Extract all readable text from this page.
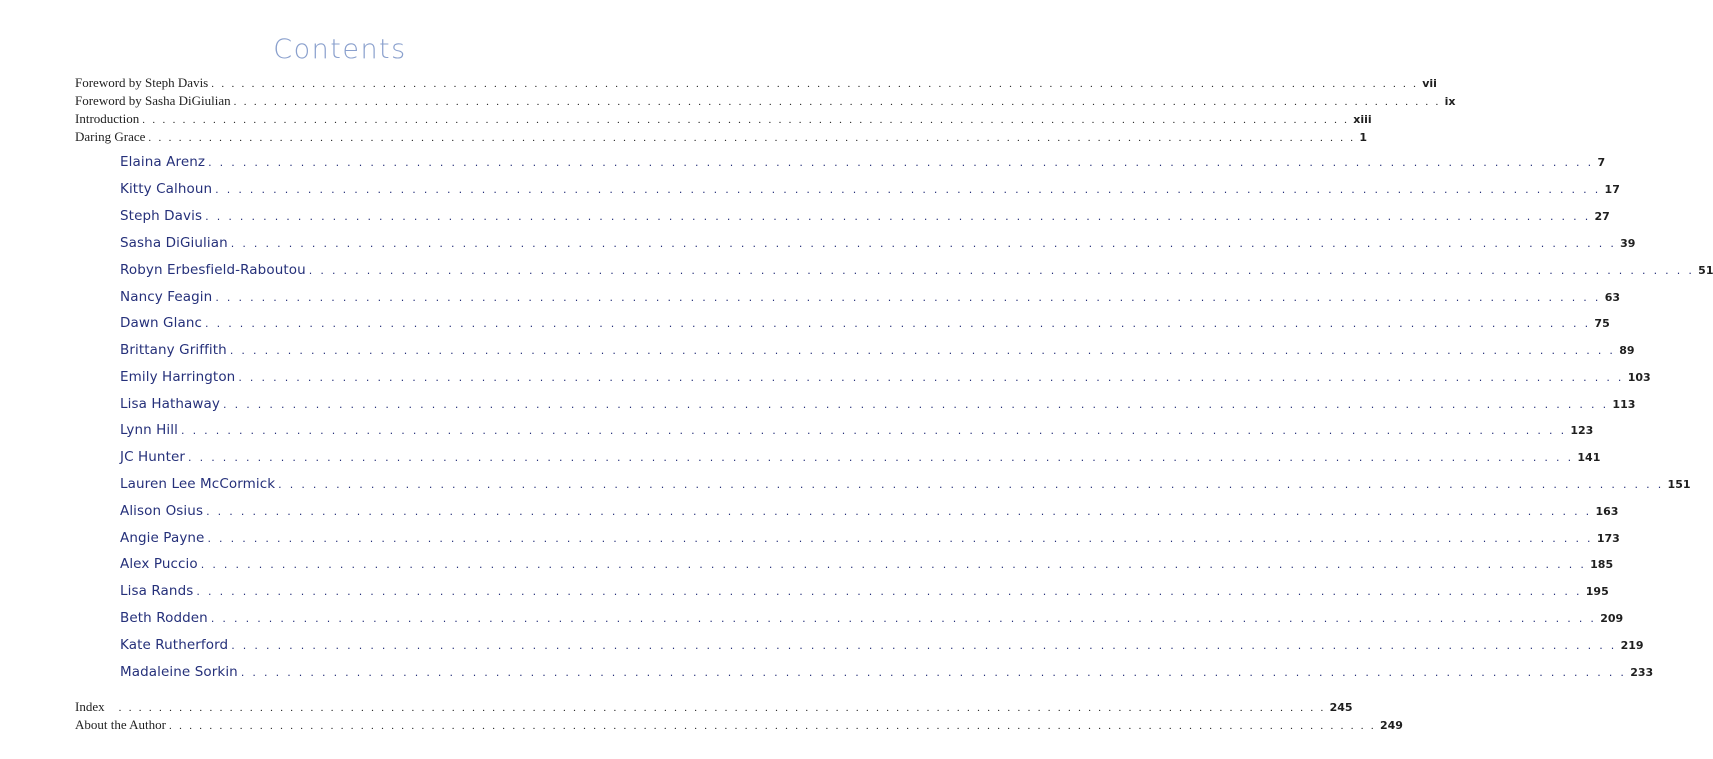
Contents
Foreword by Steph Davis . . . . . . . . . . . . . . . . . . . . . . . . . . . . . . . . . . . . . . . . . . . . . . . . . . . . . . . . . . . . . . . . . . . . . . . . . . . . . . . . . . . . . . . . . . . . . . . . . . . . . . . . . . . . . . . . . . . . . . . . vii
Foreword by Sasha DiGiulian . . . . . . . . . . . . . . . . . . . . . . . . . . . . . . . . . . . . . . . . . . . . . . . . . . . . . . . . . . . . . . . . . . . . . . . . . . . . . . . . . . . . . . . . . . . . . . . . . . . . . . . . . . . . . . . . . . . . . . . . ix
Introduction . . . . . . . . . . . . . . . . . . . . . . . . . . . . . . . . . . . . . . . . . . . . . . . . . . . . . . . . . . . . . . . . . . . . . . . . . . . . . . . . . . . . . . . . . . . . . . . . . . . . . . . . . . . . . . . . . . . . . . . . xiii
Daring Grace . . . . . . . . . . . . . . . . . . . . . . . . . . . . . . . . . . . . . . . . . . . . . . . . . . . . . . . . . . . . . . . . . . . . . . . . . . . . . . . . . . . . . . . . . . . . . . . . . . . . . . . . . . . . . . . . . . . . . . . . 1
Elaina Arenz . . . . . . . . . . . . . . . . . . . . . . . . . . . . . . . . . . . . . . . . . . . . . . . . . . . . . . . . . . . . . . . . . . . . . . . . . . . . . . . . . . . . . . . . . . . . . . . . . . . . . . . . . . . . . . . . . . . . . . . . 7
Kitty Calhoun . . . . . . . . . . . . . . . . . . . . . . . . . . . . . . . . . . . . . . . . . . . . . . . . . . . . . . . . . . . . . . . . . . . . . . . . . . . . . . . . . . . . . . . . . . . . . . . . . . . . . . . . . . . . . . . . . . . . . . . . 17
Steph Davis . . . . . . . . . . . . . . . . . . . . . . . . . . . . . . . . . . . . . . . . . . . . . . . . . . . . . . . . . . . . . . . . . . . . . . . . . . . . . . . . . . . . . . . . . . . . . . . . . . . . . . . . . . . . . . . . . . . . . . . . 27
Sasha DiGiulian . . . . . . . . . . . . . . . . . . . . . . . . . . . . . . . . . . . . . . . . . . . . . . . . . . . . . . . . . . . . . . . . . . . . . . . . . . . . . . . . . . . . . . . . . . . . . . . . . . . . . . . . . . . . . . . . . . . . . . . . 39
Robyn Erbesfield-Raboutou . . . . . . . . . . . . . . . . . . . . . . . . . . . . . . . . . . . . . . . . . . . . . . . . . . . . . . . . . . . . . . . . . . . . . . . . . . . . . . . . . . . . . . . . . . . . . . . . . . . . . . . . . . . . . . . . . . . . . . . . 51
Nancy Feagin . . . . . . . . . . . . . . . . . . . . . . . . . . . . . . . . . . . . . . . . . . . . . . . . . . . . . . . . . . . . . . . . . . . . . . . . . . . . . . . . . . . . . . . . . . . . . . . . . . . . . . . . . . . . . . . . . . . . . . . . 63
Dawn Glanc . . . . . . . . . . . . . . . . . . . . . . . . . . . . . . . . . . . . . . . . . . . . . . . . . . . . . . . . . . . . . . . . . . . . . . . . . . . . . . . . . . . . . . . . . . . . . . . . . . . . . . . . . . . . . . . . . . . . . . . . 75
Brittany Griffith . . . . . . . . . . . . . . . . . . . . . . . . . . . . . . . . . . . . . . . . . . . . . . . . . . . . . . . . . . . . . . . . . . . . . . . . . . . . . . . . . . . . . . . . . . . . . . . . . . . . . . . . . . . . . . . . . . . . . . . . 89
Emily Harrington . . . . . . . . . . . . . . . . . . . . . . . . . . . . . . . . . . . . . . . . . . . . . . . . . . . . . . . . . . . . . . . . . . . . . . . . . . . . . . . . . . . . . . . . . . . . . . . . . . . . . . . . . . . . . . . . . . . . . . . . 103
Lisa Hathaway . . . . . . . . . . . . . . . . . . . . . . . . . . . . . . . . . . . . . . . . . . . . . . . . . . . . . . . . . . . . . . . . . . . . . . . . . . . . . . . . . . . . . . . . . . . . . . . . . . . . . . . . . . . . . . . . . . . . . . . . 113
Lynn Hill . . . . . . . . . . . . . . . . . . . . . . . . . . . . . . . . . . . . . . . . . . . . . . . . . . . . . . . . . . . . . . . . . . . . . . . . . . . . . . . . . . . . . . . . . . . . . . . . . . . . . . . . . . . . . . . . . . . . . . . . 123
JC Hunter . . . . . . . . . . . . . . . . . . . . . . . . . . . . . . . . . . . . . . . . . . . . . . . . . . . . . . . . . . . . . . . . . . . . . . . . . . . . . . . . . . . . . . . . . . . . . . . . . . . . . . . . . . . . . . . . . . . . . . . . 141
Lauren Lee McCormick . . . . . . . . . . . . . . . . . . . . . . . . . . . . . . . . . . . . . . . . . . . . . . . . . . . . . . . . . . . . . . . . . . . . . . . . . . . . . . . . . . . . . . . . . . . . . . . . . . . . . . . . . . . . . . . . . . . . . . . . 151
Alison Osius . . . . . . . . . . . . . . . . . . . . . . . . . . . . . . . . . . . . . . . . . . . . . . . . . . . . . . . . . . . . . . . . . . . . . . . . . . . . . . . . . . . . . . . . . . . . . . . . . . . . . . . . . . . . . . . . . . . . . . . . 163
Angie Payne . . . . . . . . . . . . . . . . . . . . . . . . . . . . . . . . . . . . . . . . . . . . . . . . . . . . . . . . . . . . . . . . . . . . . . . . . . . . . . . . . . . . . . . . . . . . . . . . . . . . . . . . . . . . . . . . . . . . . . . . 173
Alex Puccio . . . . . . . . . . . . . . . . . . . . . . . . . . . . . . . . . . . . . . . . . . . . . . . . . . . . . . . . . . . . . . . . . . . . . . . . . . . . . . . . . . . . . . . . . . . . . . . . . . . . . . . . . . . . . . . . . . . . . . . . 185
Lisa Rands . . . . . . . . . . . . . . . . . . . . . . . . . . . . . . . . . . . . . . . . . . . . . . . . . . . . . . . . . . . . . . . . . . . . . . . . . . . . . . . . . . . . . . . . . . . . . . . . . . . . . . . . . . . . . . . . . . . . . . . . 195
Beth Rodden . . . . . . . . . . . . . . . . . . . . . . . . . . . . . . . . . . . . . . . . . . . . . . . . . . . . . . . . . . . . . . . . . . . . . . . . . . . . . . . . . . . . . . . . . . . . . . . . . . . . . . . . . . . . . . . . . . . . . . . . 209
Kate Rutherford . . . . . . . . . . . . . . . . . . . . . . . . . . . . . . . . . . . . . . . . . . . . . . . . . . . . . . . . . . . . . . . . . . . . . . . . . . . . . . . . . . . . . . . . . . . . . . . . . . . . . . . . . . . . . . . . . . . . . . . . 219
Madaleine Sorkin . . . . . . . . . . . . . . . . . . . . . . . . . . . . . . . . . . . . . . . . . . . . . . . . . . . . . . . . . . . . . . . . . . . . . . . . . . . . . . . . . . . . . . . . . . . . . . . . . . . . . . . . . . . . . . . . . . . . . . . . 233
Index . . . . . . . . . . . . . . . . . . . . . . . . . . . . . . . . . . . . . . . . . . . . . . . . . . . . . . . . . . . . . . . . . . . . . . . . . . . . . . . . . . . . . . . . . . . . . . . . . . . . . . . . . . . . . . . . . . . . . . . . 245
About the Author . . . . . . . . . . . . . . . . . . . . . . . . . . . . . . . . . . . . . . . . . . . . . . . . . . . . . . . . . . . . . . . . . . . . . . . . . . . . . . . . . . . . . . . . . . . . . . . . . . . . . . . . . . . . . . . . . . . . . . . . 249
